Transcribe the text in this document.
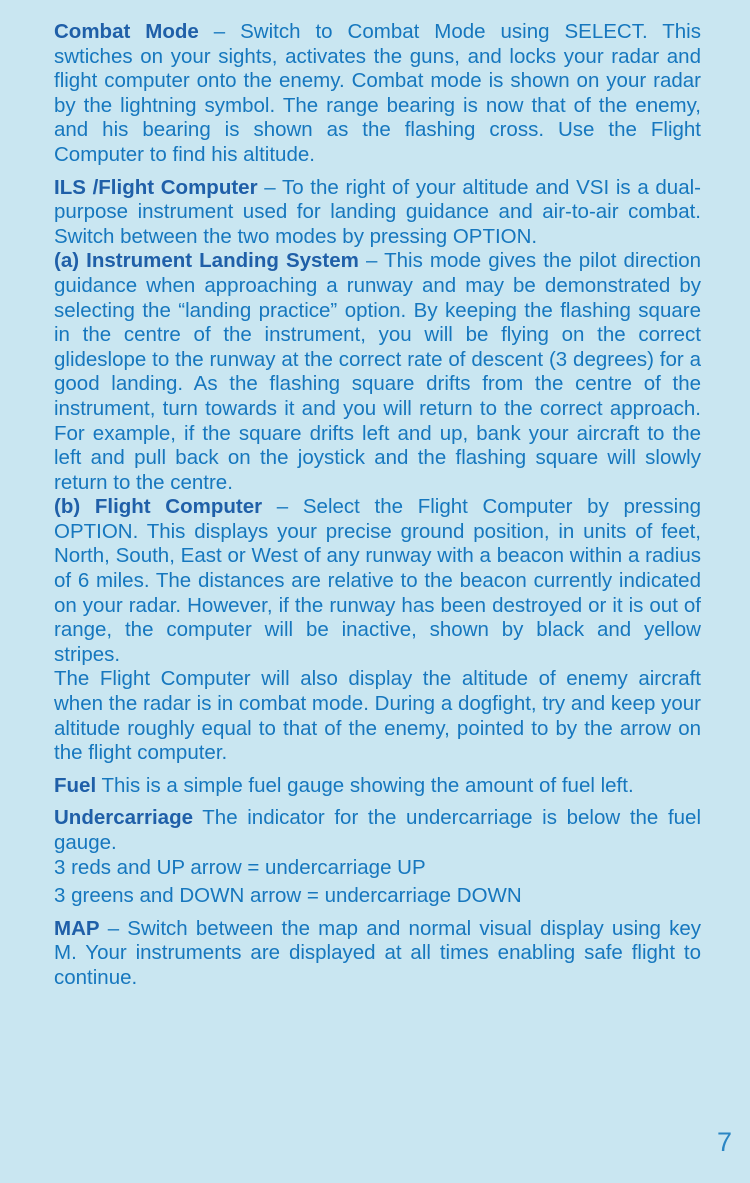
Combat Mode – Switch to Combat Mode using SELECT. This swtiches on your sights, activates the guns, and locks your radar and flight computer onto the enemy. Combat mode is shown on your radar by the lightning symbol. The range bearing is now that of the enemy, and his bearing is shown as the flashing cross. Use the Flight Computer to find his altitude.

ILS /Flight Computer – To the right of your altitude and VSI is a dual-purpose instrument used for landing guidance and air-to-air combat. Switch between the two modes by pressing OPTION.

(a) Instrument Landing System – This mode gives the pilot direction guidance when approaching a runway and may be demonstrated by selecting the “landing practice” option. By keeping the flashing square in the centre of the instrument, you will be flying on the correct glideslope to the runway at the correct rate of descent (3 degrees) for a good landing. As the flashing square drifts from the centre of the instrument, turn towards it and you will return to the correct approach. For example, if the square drifts left and up, bank your aircraft to the left and pull back on the joystick and the flashing square will slowly return to the centre.

(b) Flight Computer – Select the Flight Computer by pressing OPTION. This displays your precise ground position, in units of feet, North, South, East or West of any runway with a beacon within a radius of 6 miles. The distances are relative to the beacon currently indicated on your radar. However, if the runway has been destroyed or it is out of range, the computer will be inactive, shown by black and yellow stripes.

The Flight Computer will also display the altitude of enemy aircraft when the radar is in combat mode. During a dogfight, try and keep your altitude roughly equal to that of the enemy, pointed to by the arrow on the flight computer.

Fuel This is a simple fuel gauge showing the amount of fuel left.

Undercarriage The indicator for the undercarriage is below the fuel gauge.

3 reds and UP arrow = undercarriage UP

3 greens and DOWN arrow = undercarriage DOWN

MAP – Switch between the map and normal visual display using key M. Your instruments are displayed at all times enabling safe flight to continue.

7
